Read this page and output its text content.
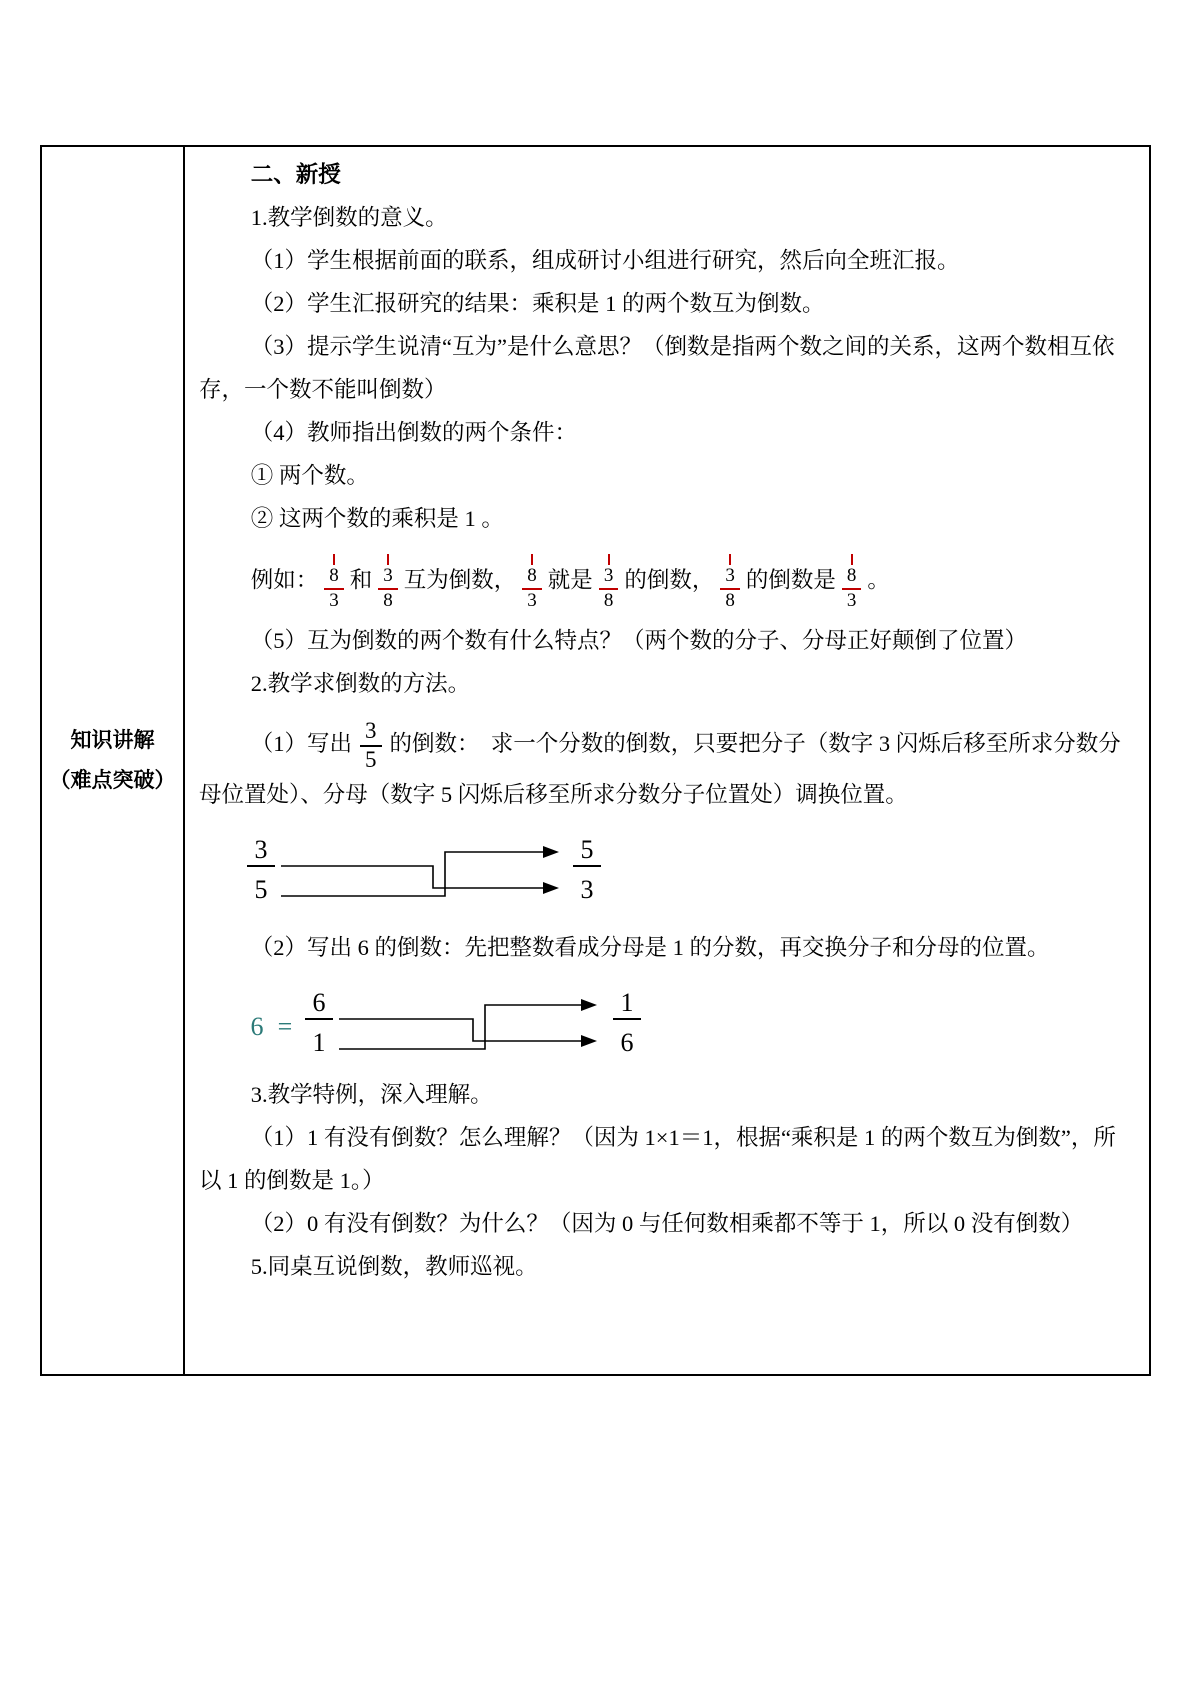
知识讲解
（难点突破）

二、新授

1.教学倒数的意义。

（1）学生根据前面的联系，组成研讨小组进行研究，然后向全班汇报。

（2）学生汇报研究的结果：乘积是 1 的两个数互为倒数。

（3）提示学生说清“互为”是什么意思？（倒数是指两个数之间的关系，这两个数相互依存，一个数不能叫倒数）

（4）教师指出倒数的两个条件：

① 两个数。

② 这两个数的乘积是 1 。

例如： $\frac{8}{3}$ 和 $\frac{3}{8}$ 互为倒数， $\frac{8}{3}$ 就是 $\frac{3}{8}$ 的倒数， $\frac{3}{8}$ 的倒数是 $\frac{8}{3}$ 。

（5）互为倒数的两个数有什么特点？（两个数的分子、分母正好颠倒了位置）

2.教学求倒数的方法。

（1）写出 $\frac{3}{5}$ 的倒数：　求一个分数的倒数，只要把分子（数字 3 闪烁后移至所求分数分母位置处）、分母（数字 5 闪烁后移至所求分数分子位置处）调换位置。

3
5
5
3

（2）写出 6 的倒数：先把整数看成分母是 1 的分数，再交换分子和分母的位置。

6 =
6
1
1
6

3.教学特例，深入理解。

（1）1 有没有倒数？怎么理解？（因为 1×1＝1，根据“乘积是 1 的两个数互为倒数”，所以 1 的倒数是 1。）

（2）0 有没有倒数？为什么？（因为 0 与任何数相乘都不等于 1，所以 0 没有倒数）

5.同桌互说倒数，教师巡视。
